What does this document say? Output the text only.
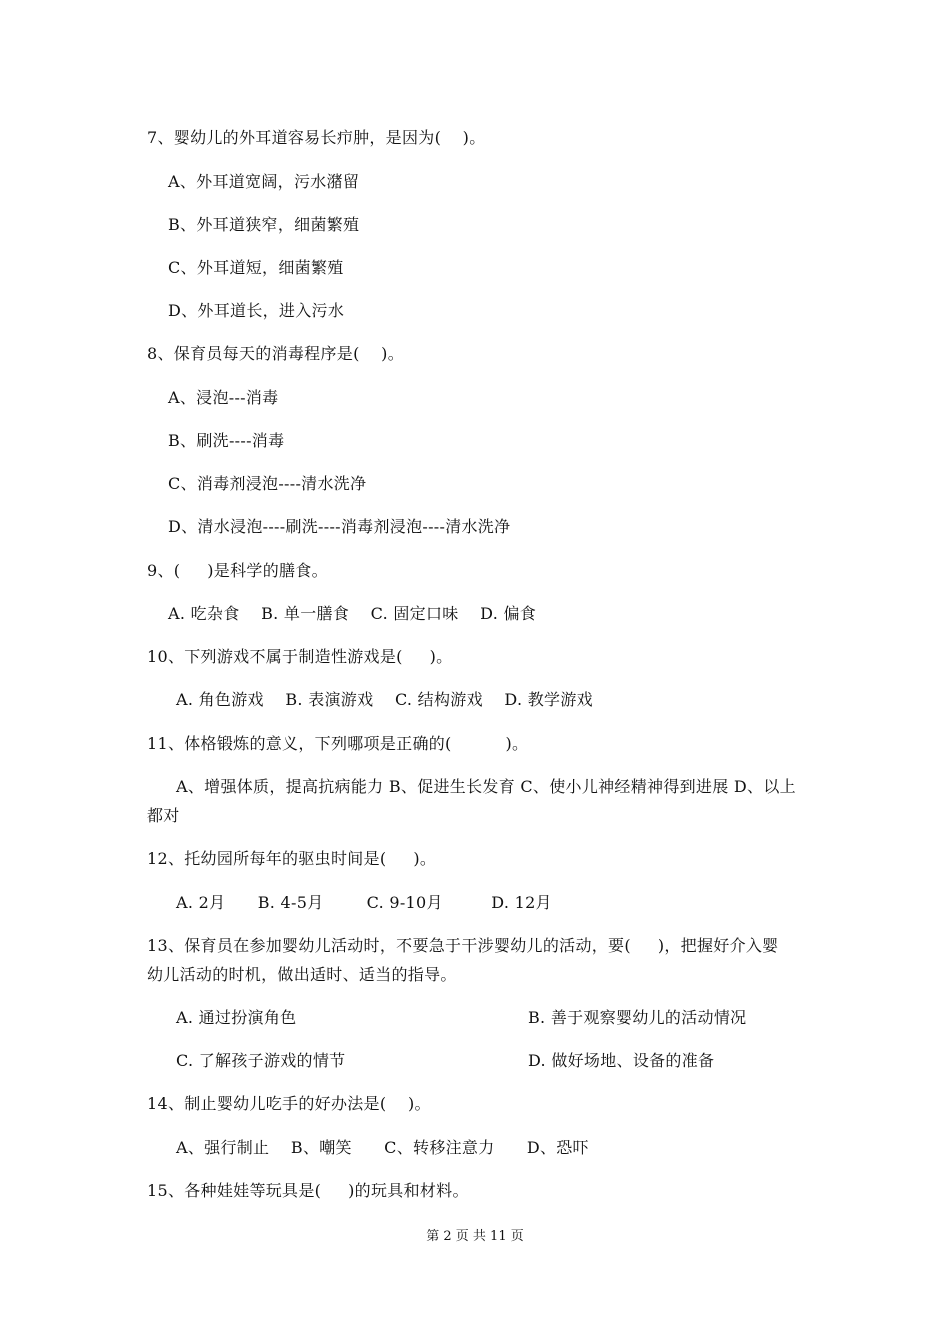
7、婴幼儿的外耳道容易长疖肿，是因为(    )。
A、外耳道宽阔，污水潴留
B、外耳道狭窄，细菌繁殖
C、外耳道短，细菌繁殖
D、外耳道长，进入污水
8、保育员每天的消毒程序是(    )。
A、浸泡---消毒
B、刷洗----消毒
C、消毒剂浸泡----清水洗净
D、清水浸泡----刷洗----消毒剂浸泡----清水洗净
9、(     )是科学的膳食。
A. 吃杂食    B. 单一膳食    C. 固定口味    D. 偏食
10、下列游戏不属于制造性游戏是(     )。
A. 角色游戏    B. 表演游戏    C. 结构游戏    D. 教学游戏
11、体格锻炼的意义，下列哪项是正确的(          )。
A、增强体质，提高抗病能力 B、促进生长发育 C、使小儿神经精神得到进展 D、以上
都对
12、托幼园所每年的驱虫时间是(     )。
A. 2月      B. 4-5月        C. 9-10月         D. 12月
13、保育员在参加婴幼儿活动时，不要急于干涉婴幼儿的活动，要(     )，把握好介入婴
幼儿活动的时机，做出适时、适当的指导。
A. 通过扮演角色	B. 善于观察婴幼儿的活动情况
C. 了解孩子游戏的情节	D. 做好场地、设备的准备
14、制止婴幼儿吃手的好办法是(    )。
A、强行制止    B、嘲笑      C、转移注意力      D、恐吓
15、各种娃娃等玩具是(     )的玩具和材料。
第 2 页 共 11 页
